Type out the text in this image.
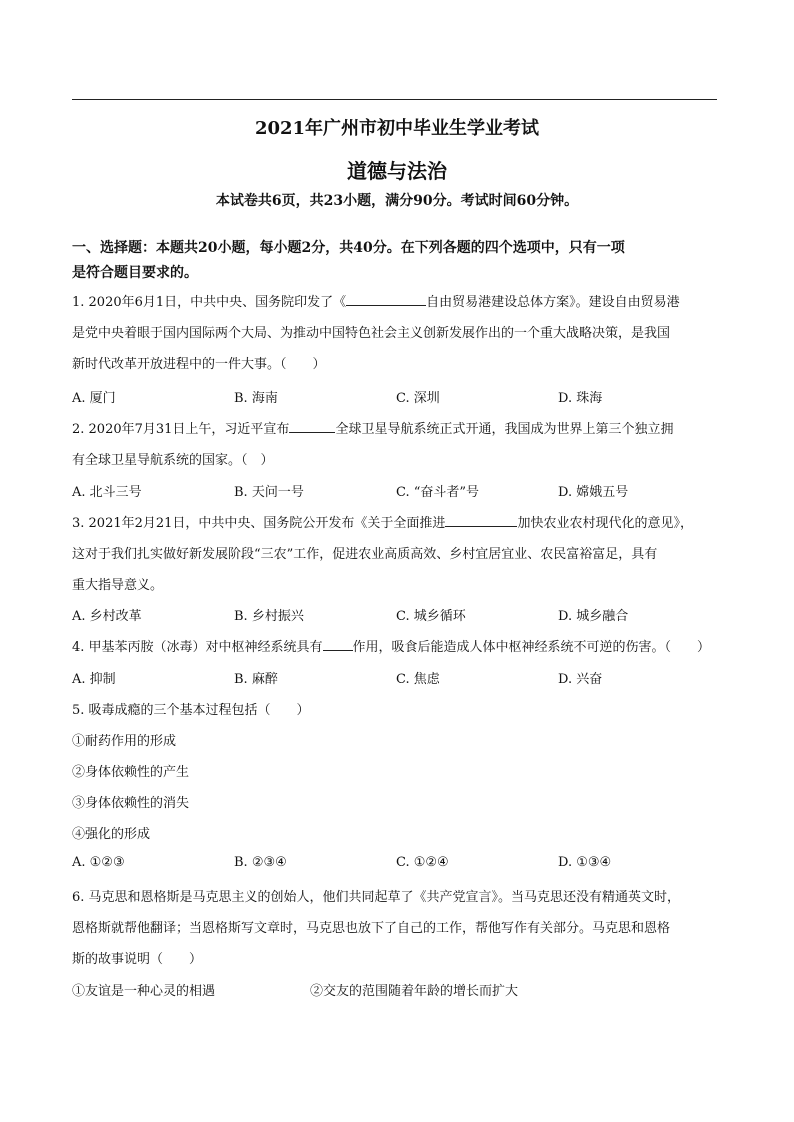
2021年广州市初中毕业生学业考试
道德与法治
本试卷共6页，共23小题，满分90分。考试时间60分钟。
一、选择题：本题共20小题，每小题2分，共40分。在下列各题的四个选项中，只有一项
是符合题目要求的。
1. 2020年6月1日，中共中央、国务院印发了《	自由贸易港建设总体方案》。建设自由贸易港
是党中央着眼于国内国际两个大局、为推动中国特色社会主义创新发展作出的一个重大战略决策，是我国
新时代改革开放进程中的一件大事。（　　）
A. 厦门	B. 海南	C. 深圳	D. 珠海
2. 2020年7月31日上午，习近平宣布	全球卫星导航系统正式开通，我国成为世界上第三个独立拥
有全球卫星导航系统的国家。（　）
A. 北斗三号	B. 天问一号	C. “奋斗者”号	D. 嫦娥五号
3. 2021年2月21日，中共中央、国务院公开发布《关于全面推进	加快农业农村现代化的意见》，
这对于我们扎实做好新发展阶段“三农”工作，促进农业高质高效、乡村宜居宜业、农民富裕富足，具有
重大指导意义。
A. 乡村改革	B. 乡村振兴	C. 城乡循环	D. 城乡融合
4. 甲基苯丙胺（冰毒）对中枢神经系统具有 作用，吸食后能造成人体中枢神经系统不可逆的伤害。（　　）
A. 抑制	B. 麻醉	C. 焦虑	D. 兴奋
5. 吸毒成瘾的三个基本过程包括（　　）
①耐药作用的形成
②身体依赖性的产生
③身体依赖性的消失
④强化的形成
A. ①②③	B. ②③④	C. ①②④	D. ①③④
6. 马克思和恩格斯是马克思主义的创始人，他们共同起草了《共产党宣言》。当马克思还没有精通英文时，
恩格斯就帮他翻译；当恩格斯写文章时，马克思也放下了自己的工作，帮他写作有关部分。马克思和恩格
斯的故事说明（　　）
①友谊是一种心灵的相遇	②交友的范围随着年龄的增长而扩大
